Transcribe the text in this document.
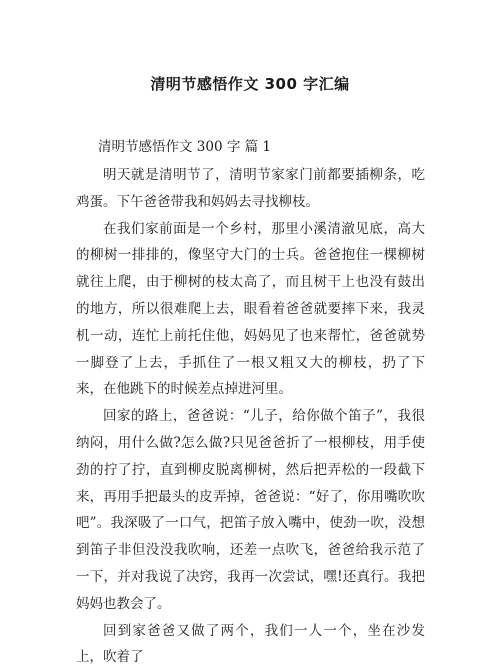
清明节感悟作文 300 字汇编
清明节感悟作文 300 字 篇 1

明天就是清明节了，清明节家家门前都要插柳条，吃鸡蛋。下午爸爸带我和妈妈去寻找柳枝。

在我们家前面是一个乡村，那里小溪清澈见底，高大的柳树一排排的，像坚守大门的士兵。爸爸抱住一棵柳树就往上爬，由于柳树的枝太高了，而且树干上也没有鼓出的地方，所以很难爬上去，眼看着爸爸就要摔下来，我灵机一动，连忙上前托住他，妈妈见了也来帮忙，爸爸就势一脚登了上去，手抓住了一根又粗又大的柳枝，扔了下来，在他跳下的时候差点掉进河里。

回家的路上，爸爸说：“儿子，给你做个笛子”，我很纳闷，用什么做?怎么做?只见爸爸折了一根柳枝，用手使劲的拧了拧，直到柳皮脱离柳树，然后把弄松的一段截下来，再用手把最头的皮弄掉，爸爸说：“好了，你用嘴吹吹吧”。我深吸了一口气，把笛子放入嘴中，使劲一吹，没想到笛子非但没没我吹响，还差一点吹飞，爸爸给我示范了一下，并对我说了决窍，我再一次尝试，嘿!还真行。我把妈妈也教会了。

回到家爸爸又做了两个，我们一人一个，坐在沙发上，吹着了
